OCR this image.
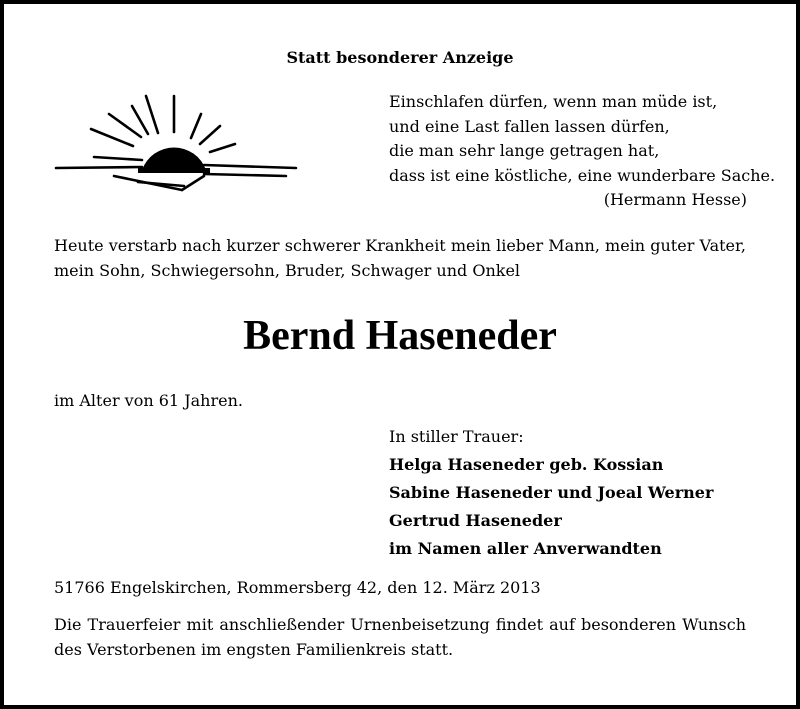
Statt besonderer Anzeige
Einschlafen dürfen, wenn man müde ist,
und eine Last fallen lassen dürfen,
die man sehr lange getragen hat,
dass ist eine köstliche, eine wunderbare Sache.
(Hermann Hesse)
Heute verstarb nach kurzer schwerer Krankheit mein lieber Mann, mein guter Vater, mein Sohn, Schwiegersohn, Bruder, Schwager und Onkel
Bernd Haseneder
im Alter von 61 Jahren.
In stiller Trauer:
Helga Haseneder geb. Kossian
Sabine Haseneder und Joeal Werner
Gertrud Haseneder
im Namen aller Anverwandten
51766 Engelskirchen, Rommersberg 42, den 12. März 2013
Die Trauerfeier mit anschließender Urnenbeisetzung findet auf besonderen Wunsch des Verstorbenen im engsten Familienkreis statt.
